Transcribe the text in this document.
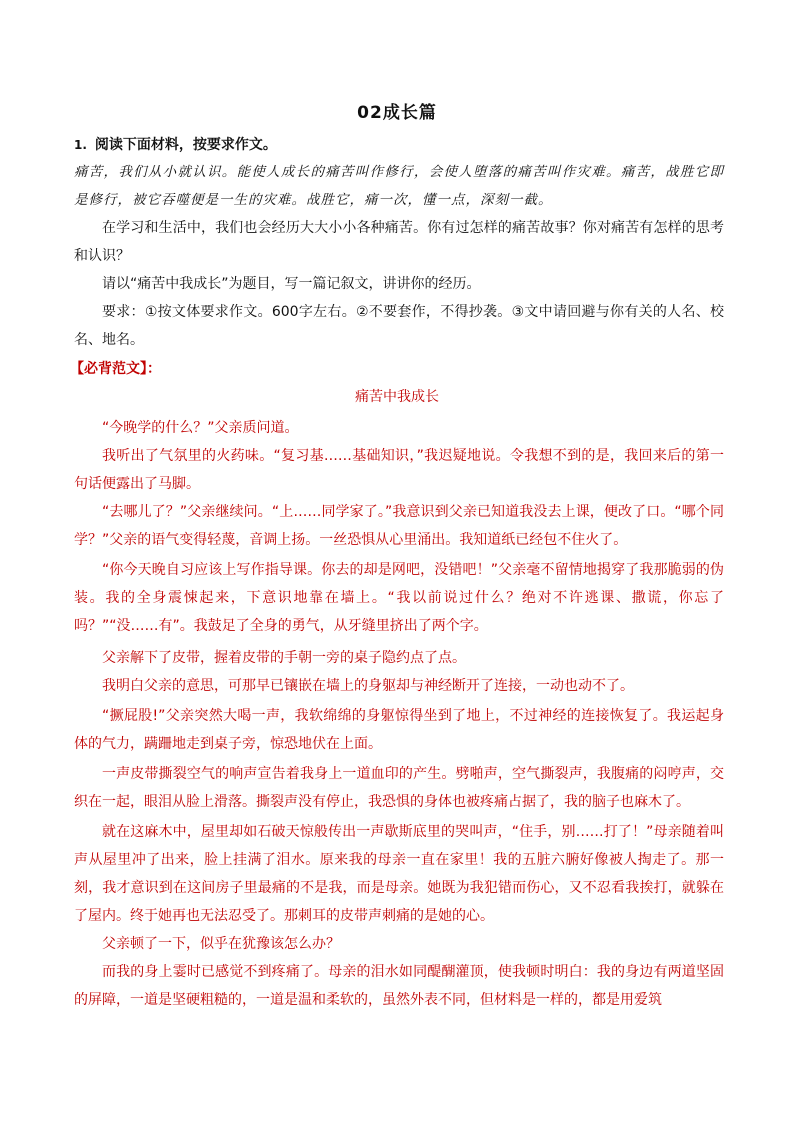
02成长篇
1. 阅读下面材料，按要求作文。

痛苦，我们从小就认识。能使人成长的痛苦叫作修行，会使人堕落的痛苦叫作灾难。痛苦，战胜它即是修行，被它吞噬便是一生的灾难。战胜它，痛一次，懂一点，深刻一截。

在学习和生活中，我们也会经历大大小小各种痛苦。你有过怎样的痛苦故事？你对痛苦有怎样的思考和认识？

请以“痛苦中我成长”为题目，写一篇记叙文，讲讲你的经历。

要求：①按文体要求作文。600字左右。②不要套作，不得抄袭。③文中请回避与你有关的人名、校名、地名。

【必背范文】：
痛苦中我成长

“今晚学的什么？”父亲质问道。

我听出了气氛里的火药味。“复习基……基础知识，”我迟疑地说。令我想不到的是，我回来后的第一句话便露出了马脚。

“去哪儿了？”父亲继续问。“上……同学家了。”我意识到父亲已知道我没去上课，便改了口。“哪个同学？”父亲的语气变得轻蔑，音调上扬。一丝恐惧从心里涌出。我知道纸已经包不住火了。

“你今天晚自习应该上写作指导课。你去的却是网吧，没错吧！”父亲毫不留情地揭穿了我那脆弱的伪装。我的全身震悚起来，下意识地靠在墙上。“我以前说过什么？绝对不许逃课、撒谎，你忘了吗？”“没……有”。我鼓足了全身的勇气，从牙缝里挤出了两个字。

父亲解下了皮带，握着皮带的手朝一旁的桌子隐约点了点。

我明白父亲的意思，可那早已镶嵌在墙上的身躯却与神经断开了连接，一动也动不了。

“撅屁股!”父亲突然大喝一声，我软绵绵的身躯惊得坐到了地上，不过神经的连接恢复了。我运起身体的气力，蹒跚地走到桌子旁，惊恐地伏在上面。

一声皮带撕裂空气的响声宣告着我身上一道血印的产生。劈啪声，空气撕裂声，我腹痛的闷哼声，交织在一起，眼泪从脸上滑落。撕裂声没有停止，我恐惧的身体也被疼痛占据了，我的脑子也麻木了。

就在这麻木中，屋里却如石破天惊般传出一声歇斯底里的哭叫声，“住手，别……打了！”母亲随着叫声从屋里冲了出来，脸上挂满了泪水。原来我的母亲一直在家里！我的五脏六腑好像被人掏走了。那一刻，我才意识到在这间房子里最痛的不是我，而是母亲。她既为我犯错而伤心，又不忍看我挨打，就躲在了屋内。终于她再也无法忍受了。那刺耳的皮带声刺痛的是她的心。

父亲顿了一下，似乎在犹豫该怎么办？

而我的身上霎时已感觉不到疼痛了。母亲的泪水如同醍醐灌顶，使我顿时明白：我的身边有两道坚固的屏障，一道是坚硬粗糙的，一道是温和柔软的，虽然外表不同，但材料是一样的，都是用爱筑
